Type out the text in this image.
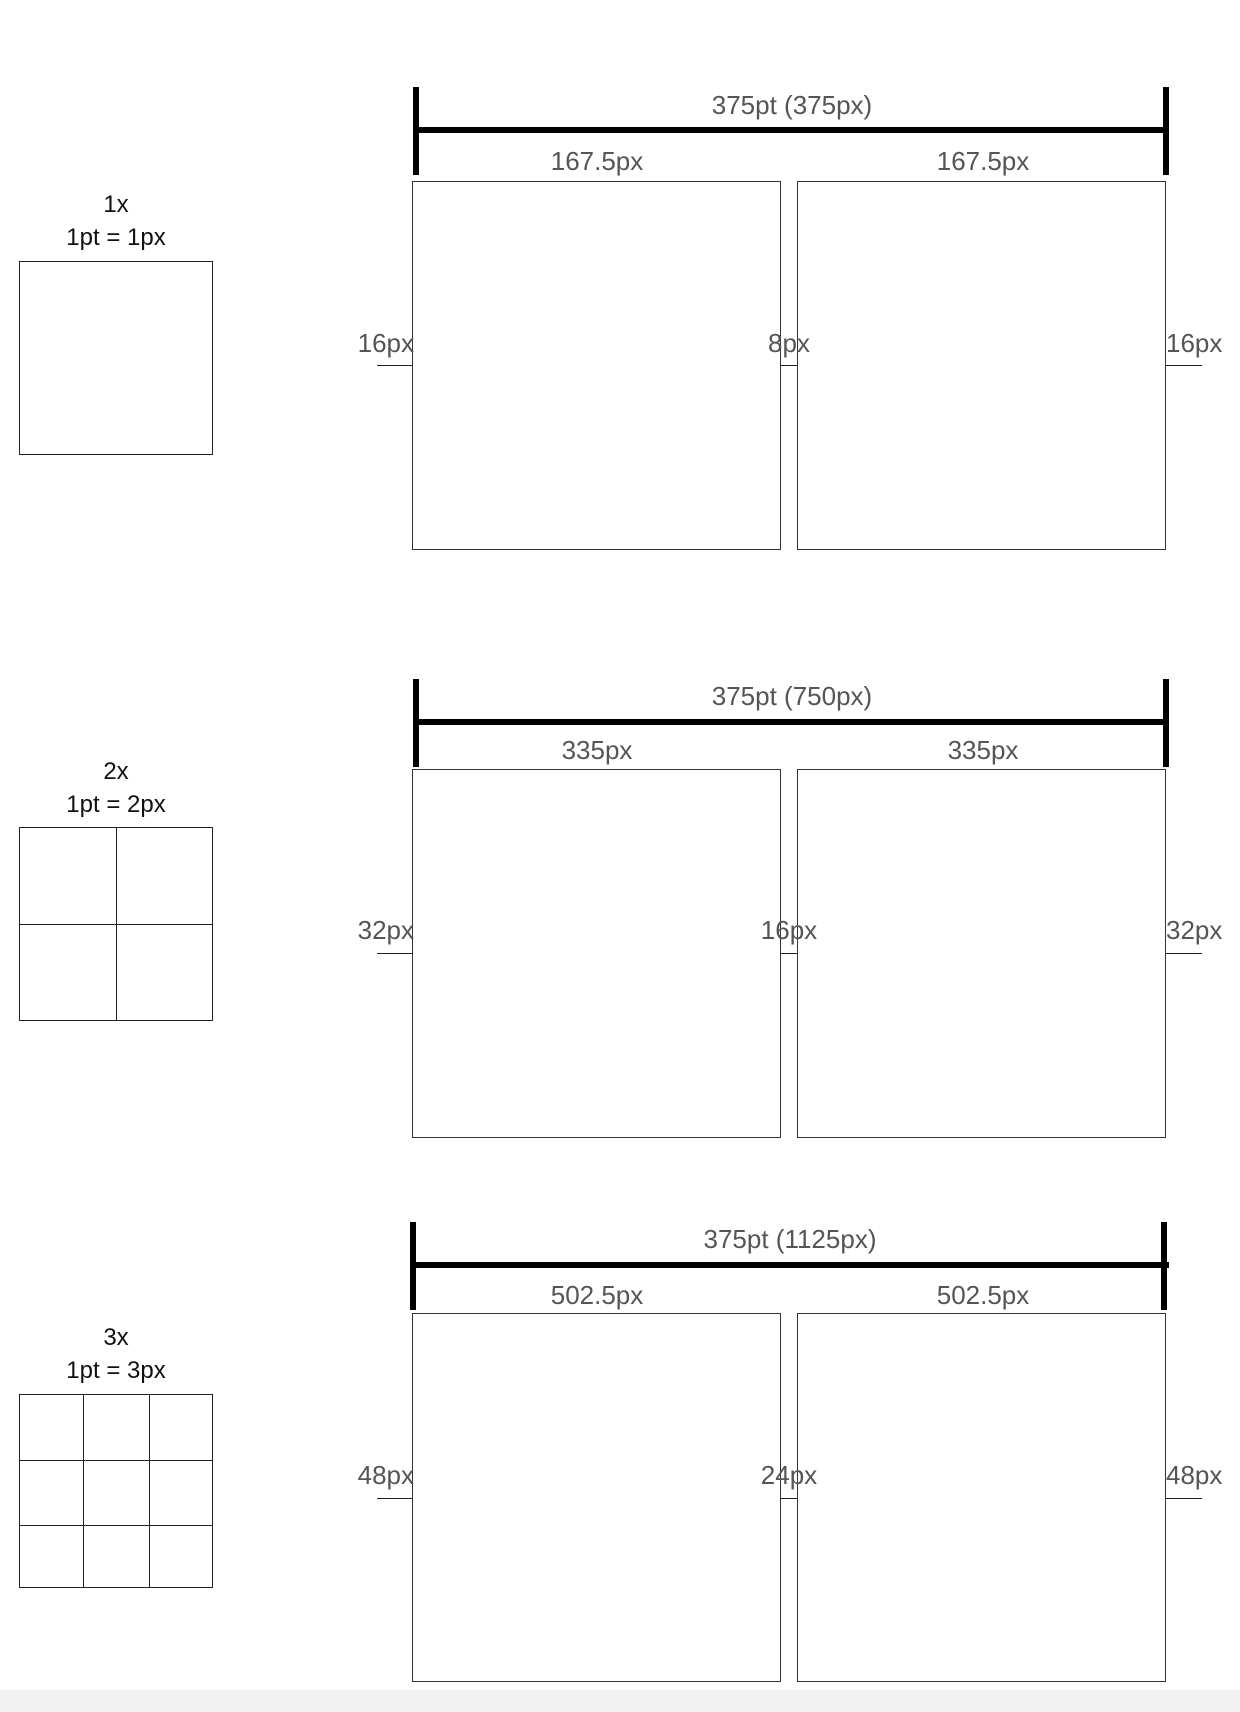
1x
1pt = 1px
375pt (375px)
167.5px	167.5px
16px	8px	16px
2x
1pt = 2px
375pt (750px)
335px	335px
32px	16px	32px
3x
1pt = 3px
375pt (1125px)
502.5px	502.5px
48px	24px	48px
